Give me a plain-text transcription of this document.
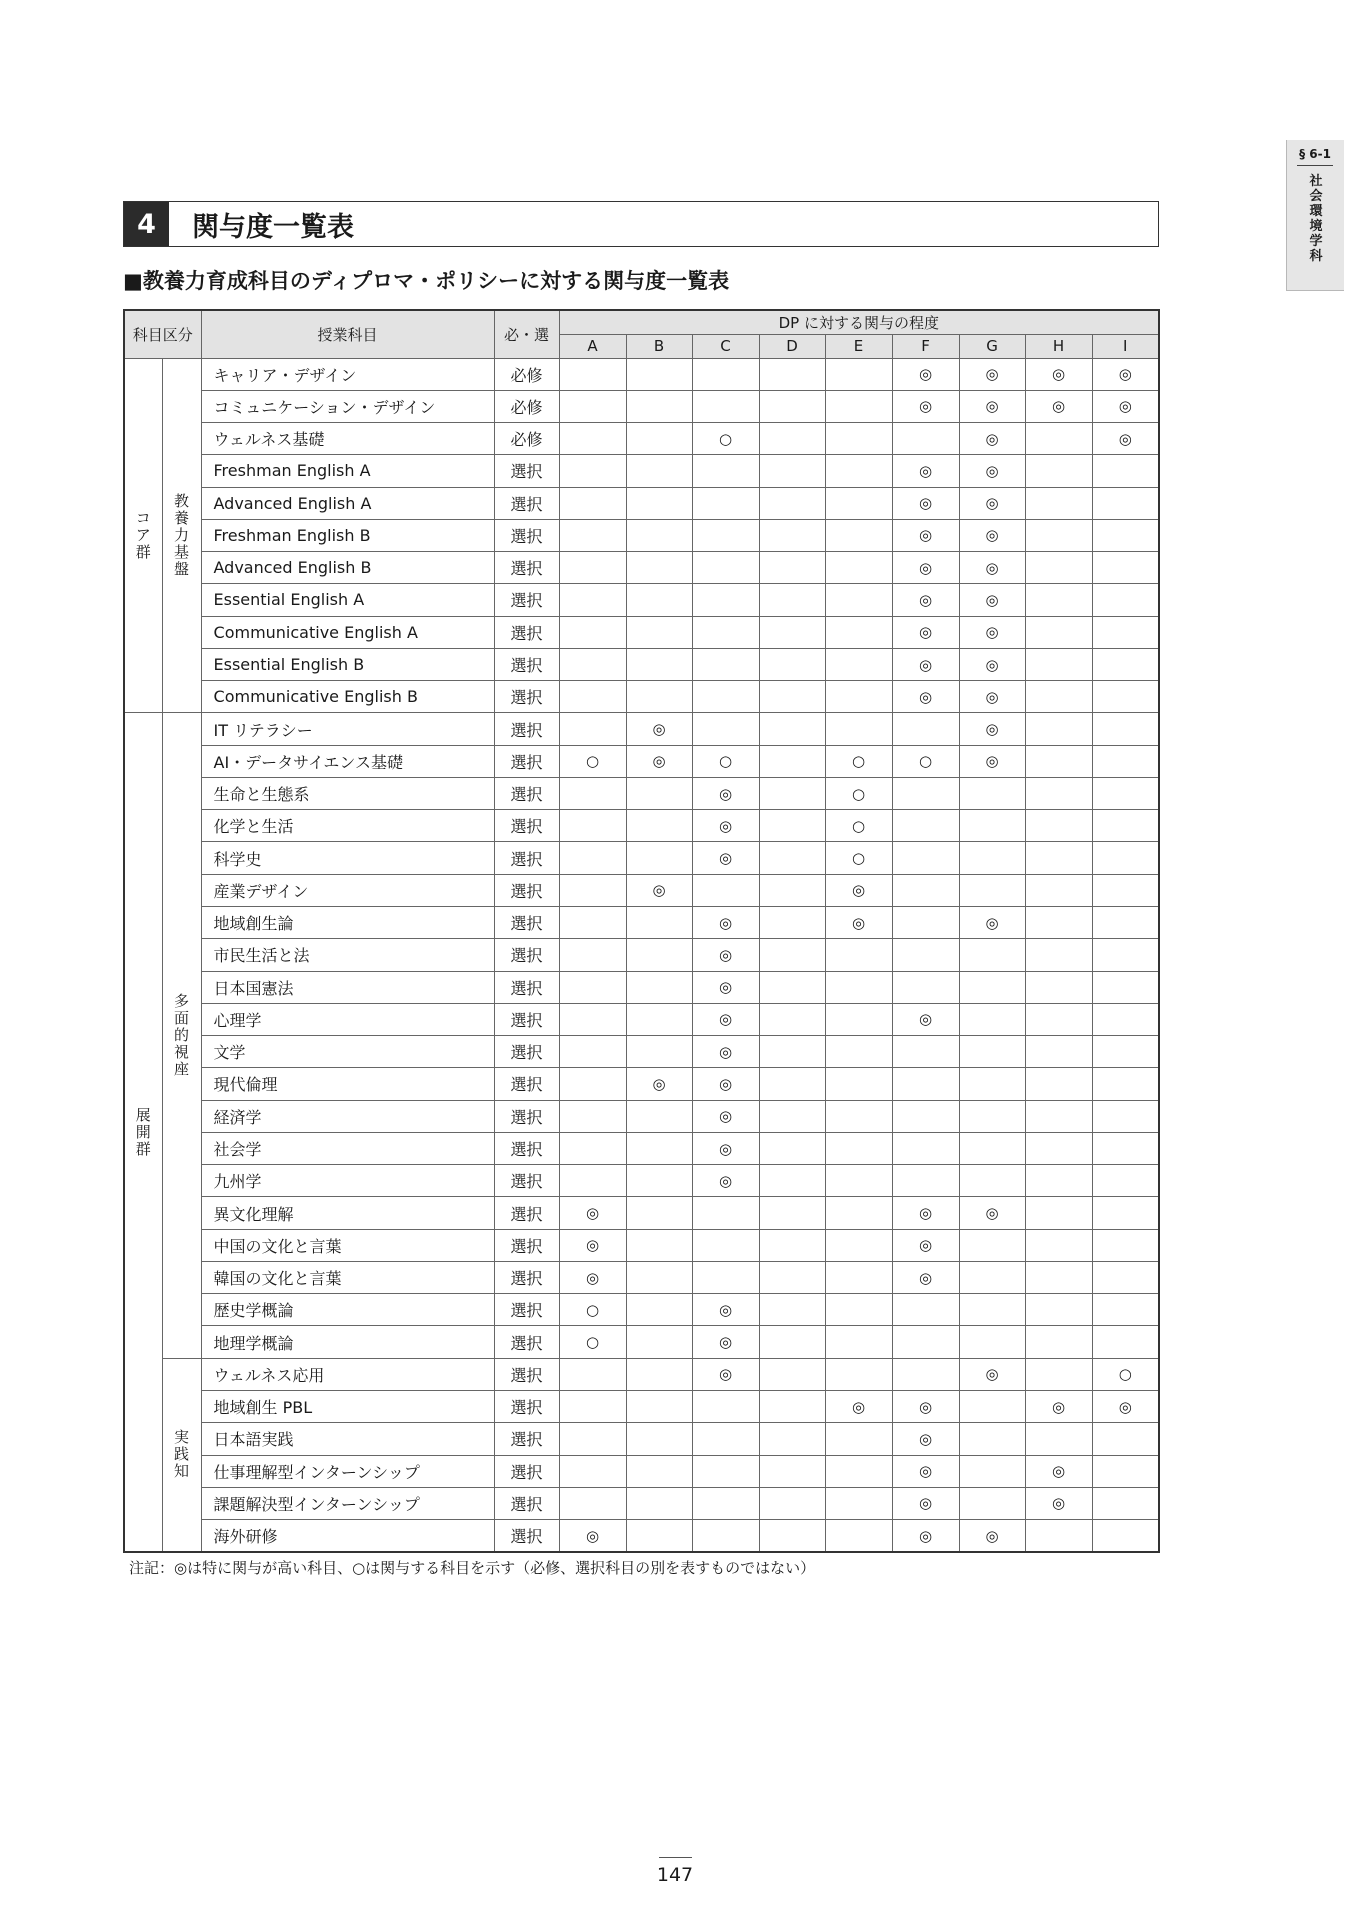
§ 6-1
社会環境学科
4	関与度一覧表
■教養力育成科目のディプロマ・ポリシーに対する関与度一覧表
科目区分		授業科目	必・選	DP に対する関与の程度								
				A	B	C	D	E	F	G	H	I
コア群	教養力基盤	キャリア・デザイン	必修						◎	◎	◎	◎
		コミュニケーション・デザイン	必修						◎	◎	◎	◎
		ウェルネス基礎	必修			○				◎		◎
		Freshman English A	選択						◎	◎		
		Advanced English A	選択						◎	◎		
		Freshman English B	選択						◎	◎		
		Advanced English B	選択						◎	◎		
		Essential English A	選択						◎	◎		
		Communicative English A	選択						◎	◎		
		Essential English B	選択						◎	◎		
		Communicative English B	選択						◎	◎		
展開群	多面的視座	IT リテラシー	選択		◎					◎		
		AI・データサイエンス基礎	選択	○	◎	○		○	○	◎		
		生命と生態系	選択			◎		○				
		化学と生活	選択			◎		○				
		科学史	選択			◎		○				
		産業デザイン	選択		◎			◎				
		地域創生論	選択			◎		◎		◎		
		市民生活と法	選択			◎						
		日本国憲法	選択			◎						
		心理学	選択			◎			◎			
		文学	選択			◎						
		現代倫理	選択		◎	◎						
		経済学	選択			◎						
		社会学	選択			◎						
		九州学	選択			◎						
		異文化理解	選択	◎					◎	◎		
		中国の文化と言葉	選択	◎					◎			
		韓国の文化と言葉	選択	◎					◎			
		歴史学概論	選択	○		◎						
		地理学概論	選択	○		◎						
	実践知	ウェルネス応用	選択			◎				◎		○
		地域創生 PBL	選択					◎	◎		◎	◎
		日本語実践	選択						◎			
		仕事理解型インターンシップ	選択						◎		◎	
		課題解決型インターンシップ	選択						◎		◎	
		海外研修	選択	◎					◎	◎		
注記：◎は特に関与が高い科目、○は関与する科目を示す（必修、選択科目の別を表すものではない）
147
